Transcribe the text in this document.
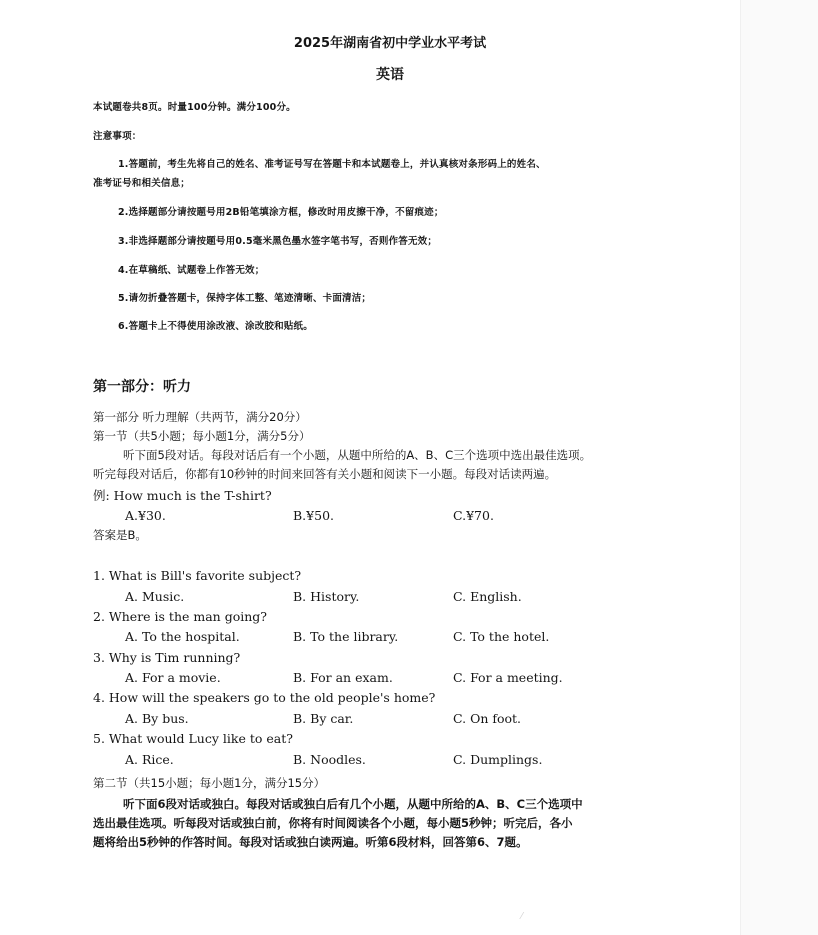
2025年湖南省初中学业水平考试
英语
本试题卷共8页。时量100分钟。满分100分。
注意事项：
1.答题前，考生先将自己的姓名、准考证号写在答题卡和本试题卷上，并认真核对条形码上的姓名、
准考证号和相关信息；
2.选择题部分请按题号用2B铅笔填涂方框，修改时用皮擦干净，不留痕迹；
3.非选择题部分请按题号用0.5毫米黑色墨水签字笔书写，否则作答无效；
4.在草稿纸、试题卷上作答无效；
5.请勿折叠答题卡，保持字体工整、笔迹清晰、卡面清洁；
6.答题卡上不得使用涂改液、涂改胶和贴纸。
第一部分：听力
第一部分 听力理解（共两节，满分20分）
第一节（共5小题；每小题1分，满分5分）
听下面5段对话。每段对话后有一个小题，从题中所给的A、B、C三个选项中选出最佳选项。
听完每段对话后，你都有10秒钟的时间来回答有关小题和阅读下一小题。每段对话读两遍。
例: How much is the T-shirt?
A.¥30.	B.¥50.	C.¥70.
答案是B。
1. What is Bill's favorite subject?
A. Music.	B. History.	C. English.
2. Where is the man going?
A. To the hospital.	B. To the library.	C. To the hotel.
3. Why is Tim running?
A. For a movie.	B. For an exam.	C. For a meeting.
4. How will the speakers go to the old people's home?
A. By bus.	B. By car.	C. On foot.
5. What would Lucy like to eat?
A. Rice.	B. Noodles.	C. Dumplings.
第二节（共15小题；每小题1分，满分15分）
听下面6段对话或独白。每段对话或独白后有几个小题，从题中所给的A、B、C三个选项中
选出最佳选项。听每段对话或独白前，你将有时间阅读各个小题，每小题5秒钟；听完后，各小
题将给出5秒钟的作答时间。每段对话或独白读两遍。听第6段材料，回答第6、7题。
⁄
